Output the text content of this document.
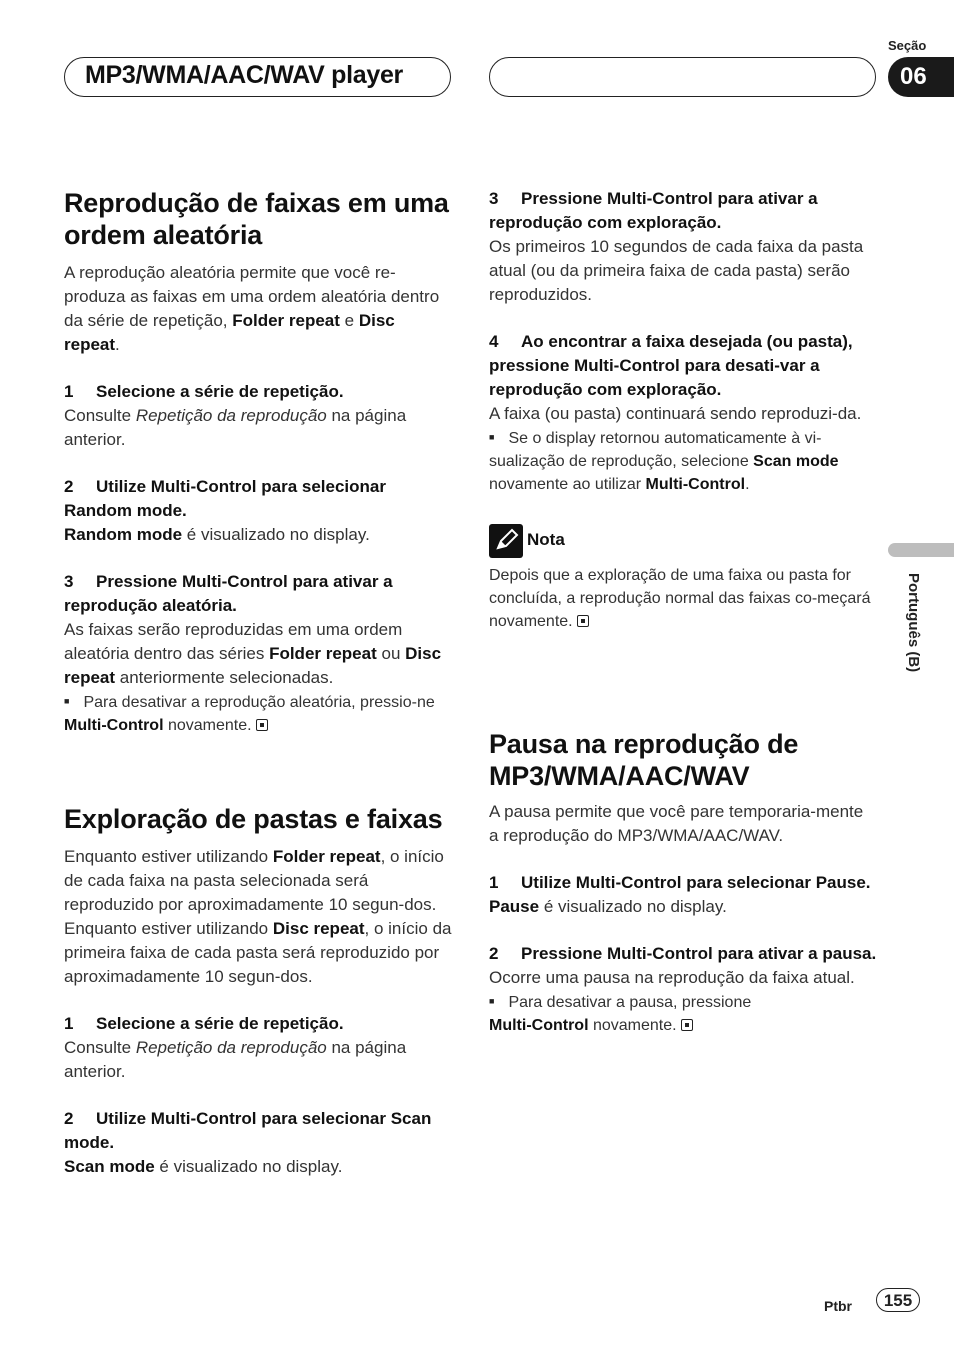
MP3/WMA/AAC/WAV player
Seção
06
Português (B)
Reprodução de faixas em uma ordem aleatória

A reprodução aleatória permite que você re-produza as faixas em uma ordem aleatória dentro da série de repetição, Folder repeat e Disc repeat.

1 Selecione a série de repetição.

Consulte Repetição da reprodução na página anterior.

2 Utilize Multi-Control para selecionar Random mode.

Random mode é visualizado no display.

3 Pressione Multi-Control para ativar a reprodução aleatória.

As faixas serão reproduzidas em uma ordem aleatória dentro das séries Folder repeat ou Disc repeat anteriormente selecionadas.

■ Para desativar a reprodução aleatória, pressio-ne Multi-Control novamente.
Exploração de pastas e faixas

Enquanto estiver utilizando Folder repeat, o início de cada faixa na pasta selecionada será reproduzido por aproximadamente 10 segun-dos. Enquanto estiver utilizando Disc repeat, o início da primeira faixa de cada pasta será reproduzido por aproximadamente 10 segun-dos.

1 Selecione a série de repetição.

Consulte Repetição da reprodução na página anterior.

2 Utilize Multi-Control para selecionar Scan mode.

Scan mode é visualizado no display.

3 Pressione Multi-Control para ativar a reprodução com exploração.

Os primeiros 10 segundos de cada faixa da pasta atual (ou da primeira faixa de cada pasta) serão reproduzidos.

4 Ao encontrar a faixa desejada (ou pasta), pressione Multi-Control para desati-var a reprodução com exploração.

A faixa (ou pasta) continuará sendo reproduzi-da.

■ Se o display retornou automaticamente à vi-sualização de reprodução, selecione Scan mode novamente ao utilizar Multi-Control.
Nota
Depois que a exploração de uma faixa ou pasta for concluída, a reprodução normal das faixas co-meçará novamente.
Pausa na reprodução de MP3/WMA/AAC/WAV

A pausa permite que você pare temporaria-mente a reprodução do MP3/WMA/AAC/WAV.

1 Utilize Multi-Control para selecionar Pause.

Pause é visualizado no display.

2 Pressione Multi-Control para ativar a pausa.

Ocorre uma pausa na reprodução da faixa atual.

■ Para desativar a pausa, pressione
Multi-Control novamente.
Ptbr	155
